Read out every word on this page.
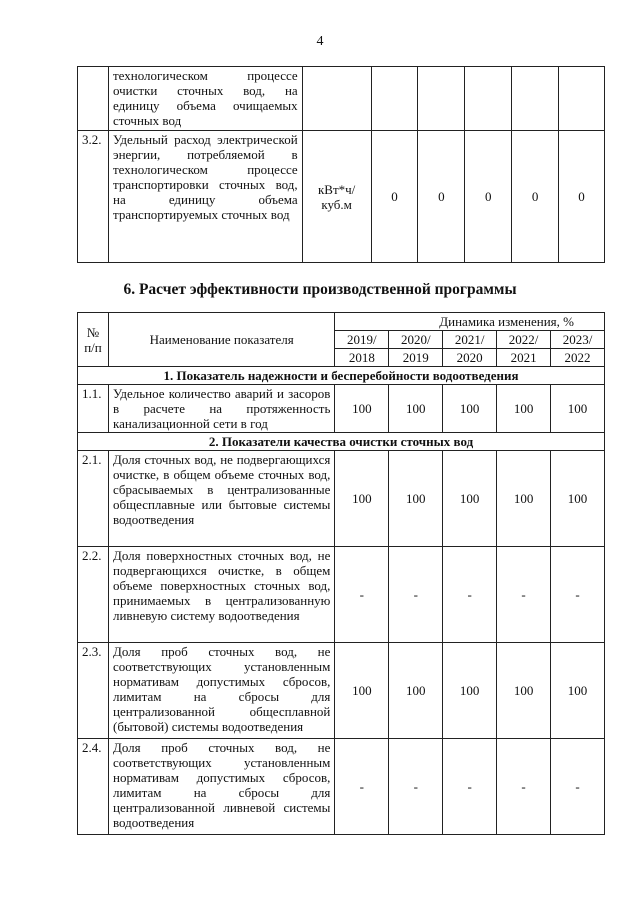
4
	технологическом процессе очистки сточных вод, на единицу объема очищаемых сточных вод						
3.2.	Удельный расход электрической энергии, потребляемой в технологическом процессе транспортировки сточных вод, на единицу объема транспортируемых сточных вод	кВт*ч/ куб.м	0	0	0	0	0
6. Расчет эффективности производственной программы
№ п/п	Наименование показателя	Динамика изменения, %				
		2019/	2020/	2021/	2022/	2023/
		2018	2019	2020	2021	2022
1. Показатель надежности и бесперебойности водоотведения						
1.1.	Удельное количество аварий и засоров в расчете на протяженность канализационной сети в год	100	100	100	100	100
2. Показатели качества очистки сточных вод						
2.1.	Доля сточных вод, не подвергающихся очистке, в общем объеме сточных вод, сбрасываемых в централизованные общесплавные или бытовые системы водоотведения	100	100	100	100	100
2.2.	Доля поверхностных сточных вод, не подвергающихся очистке, в общем объеме поверхностных сточных вод, принимаемых в централизованную ливневую систему водоотведения	-	-	-	-	-
2.3.	Доля проб сточных вод, не соответствующих установленным нормативам допустимых сбросов, лимитам на сбросы для централизованной общесплавной (бытовой) системы водоотведения	100	100	100	100	100
2.4.	Доля проб сточных вод, не соответствующих установленным нормативам допустимых сбросов, лимитам на сбросы для централизованной ливневой системы водоотведения	-	-	-	-	-
